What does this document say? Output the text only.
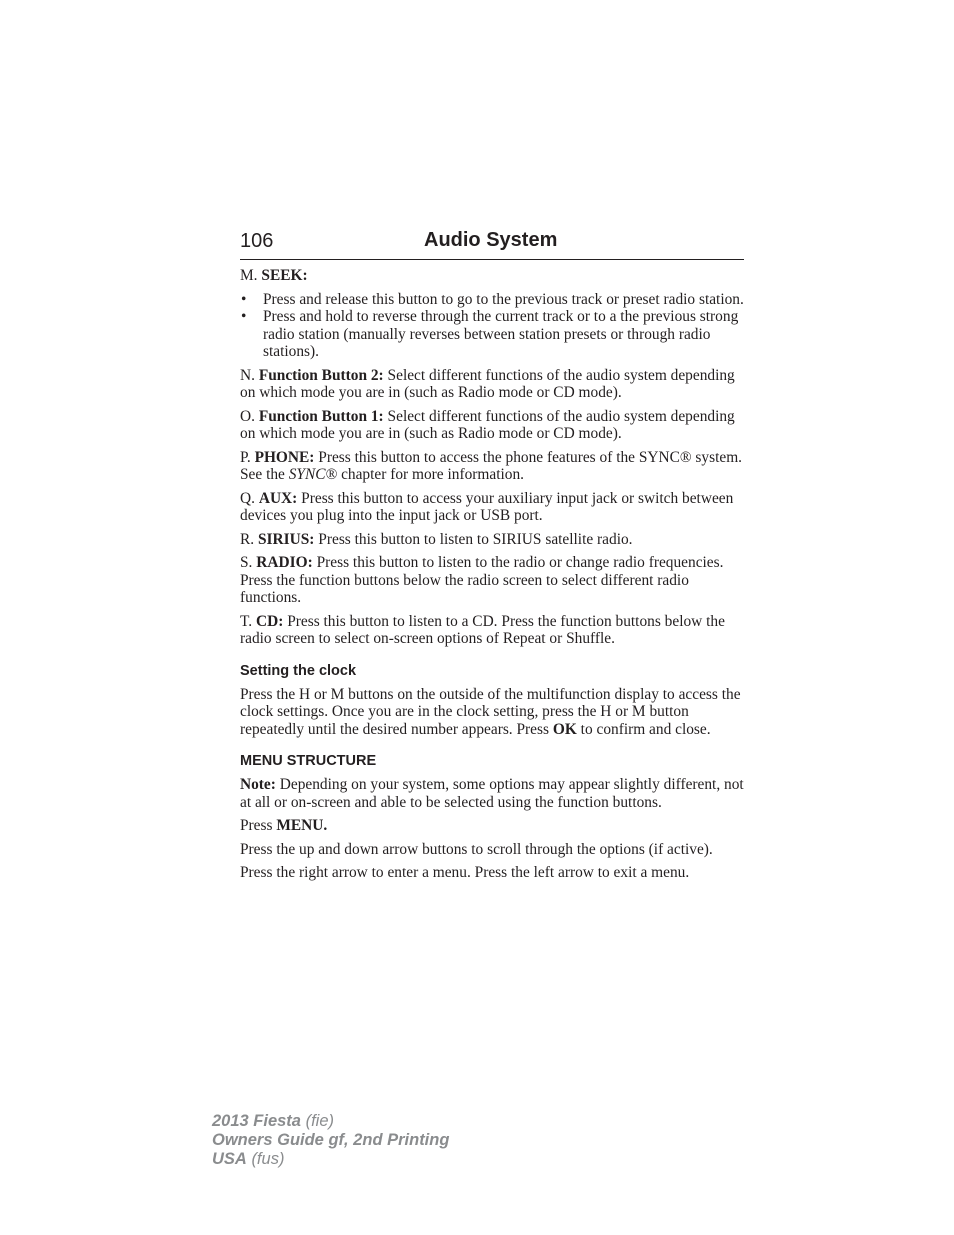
106	Audio System

M. SEEK:

• Press and release this button to go to the previous track or preset radio station.
• Press and hold to reverse through the current track or to a the previous strong radio station (manually reverses between station presets or through radio stations).

N. Function Button 2: Select different functions of the audio system depending on which mode you are in (such as Radio mode or CD mode).

O. Function Button 1: Select different functions of the audio system depending on which mode you are in (such as Radio mode or CD mode).

P. PHONE: Press this button to access the phone features of the SYNC® system. See the SYNC® chapter for more information.

Q. AUX: Press this button to access your auxiliary input jack or switch between devices you plug into the input jack or USB port.

R. SIRIUS: Press this button to listen to SIRIUS satellite radio.

S. RADIO: Press this button to listen to the radio or change radio frequencies. Press the function buttons below the radio screen to select different radio functions.

T. CD: Press this button to listen to a CD. Press the function buttons below the radio screen to select on-screen options of Repeat or Shuffle.

Setting the clock

Press the H or M buttons on the outside of the multifunction display to access the clock settings. Once you are in the clock setting, press the H or M button repeatedly until the desired number appears. Press OK to confirm and close.

MENU STRUCTURE

Note: Depending on your system, some options may appear slightly different, not at all or on-screen and able to be selected using the function buttons.

Press MENU.

Press the up and down arrow buttons to scroll through the options (if active).

Press the right arrow to enter a menu. Press the left arrow to exit a menu.

2013 Fiesta (fie)
Owners Guide gf, 2nd Printing
USA (fus)
